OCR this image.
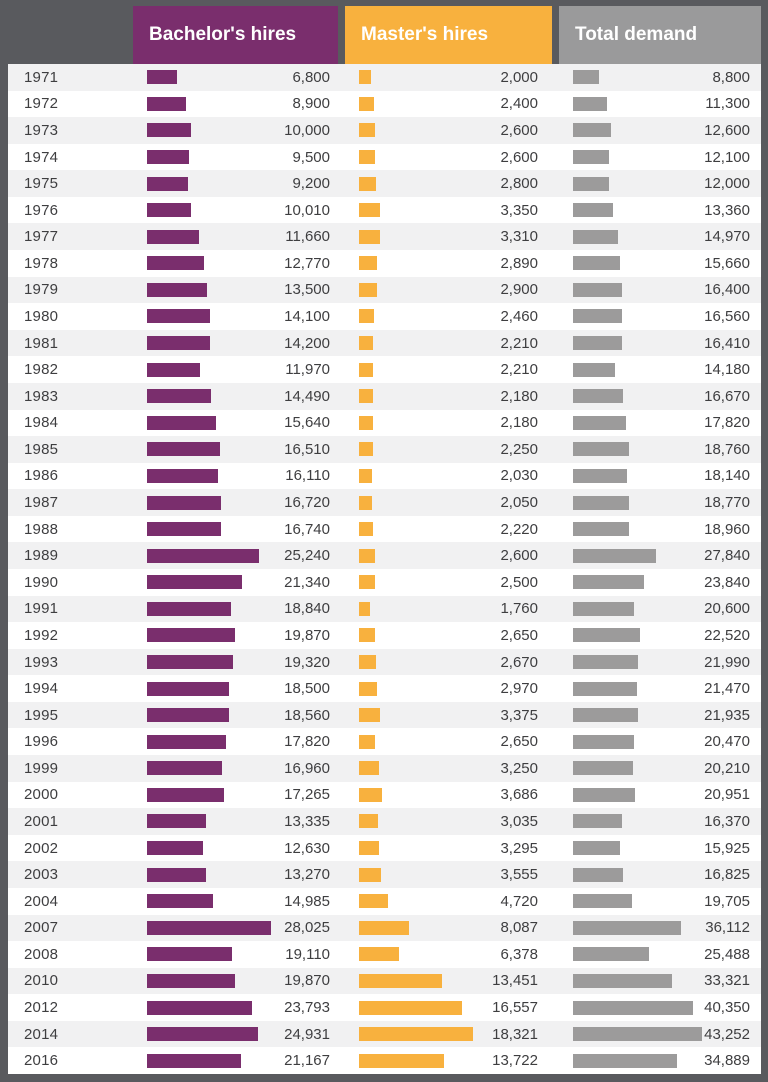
Bachelor's hires	Master's hires	Total demand
1971	6,800	2,000	8,800
1972	8,900	2,400	11,300
1973	10,000	2,600	12,600
1974	9,500	2,600	12,100
1975	9,200	2,800	12,000
1976	10,010	3,350	13,360
1977	11,660	3,310	14,970
1978	12,770	2,890	15,660
1979	13,500	2,900	16,400
1980	14,100	2,460	16,560
1981	14,200	2,210	16,410
1982	11,970	2,210	14,180
1983	14,490	2,180	16,670
1984	15,640	2,180	17,820
1985	16,510	2,250	18,760
1986	16,110	2,030	18,140
1987	16,720	2,050	18,770
1988	16,740	2,220	18,960
1989	25,240	2,600	27,840
1990	21,340	2,500	23,840
1991	18,840	1,760	20,600
1992	19,870	2,650	22,520
1993	19,320	2,670	21,990
1994	18,500	2,970	21,470
1995	18,560	3,375	21,935
1996	17,820	2,650	20,470
1999	16,960	3,250	20,210
2000	17,265	3,686	20,951
2001	13,335	3,035	16,370
2002	12,630	3,295	15,925
2003	13,270	3,555	16,825
2004	14,985	4,720	19,705
2007	28,025	8,087	36,112
2008	19,110	6,378	25,488
2010	19,870	13,451	33,321
2012	23,793	16,557	40,350
2014	24,931	18,321	43,252
2016	21,167	13,722	34,889
